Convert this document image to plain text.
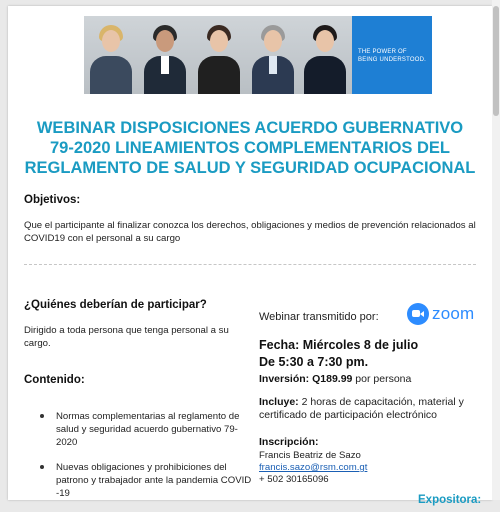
THE POWER OF
BEING UNDERSTOOD.
WEBINAR DISPOSICIONES ACUERDO GUBERNATIVO 79-2020 LINEAMIENTOS COMPLEMENTARIOS DEL REGLAMENTO DE SALUD Y SEGURIDAD OCUPACIONAL
Objetivos:
Que el participante al finalizar conozca los derechos, obligaciones y medios de prevención relacionados al COVID19 con el personal a su cargo
¿Quiénes deberían de participar?
Dirigido a toda persona que tenga personal a su cargo.
Contenido:
Normas complementarias al reglamento de salud y seguridad acuerdo gubernativo 79-2020
Nuevas obligaciones y prohibiciones del patrono y trabajador ante la pandemia COVID -19
Webinar transmitido por:	zoom
Fecha: Miércoles 8 de julio
De 5:30 a 7:30 pm.
Inversión: Q189.99 por persona
Incluye: 2 horas de capacitación, material y certificado de participación electrónico
Inscripción:
Francis Beatriz de Sazo
francis.sazo@rsm.com.gt
+ 502 30165096
Expositora:
